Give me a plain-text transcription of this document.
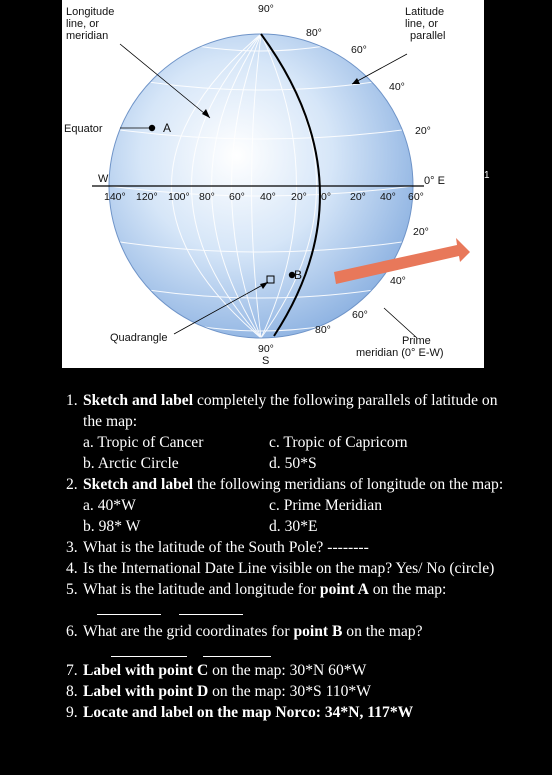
Longitude
line, or
meridian
Latitude
line, or
parallel
Equator
Quadrangle	Prime
meridian (0° E-W)
W	0° E
90°
90°
S
A
B
80°
60°
40°
20°
20°
40°
60°
80°
140° 120° 100° 80° 60° 40° 20° 0° 20° 40° 60°
1
1. Sketch and label completely the following parallels of latitude on the map:
a. Tropic of Cancer	c. Tropic of Capricorn
b. Arctic Circle	d. 50*S
2. Sketch and label the following meridians of longitude on the map:
a. 40*W	c. Prime Meridian
b. 98* W	d. 30*E
3. What is the latitude of the South Pole? --------
4. Is the International Date Line visible on the map? Yes/ No (circle)
5. What is the latitude and longitude for point A on the map:
6. What are the grid coordinates for point B on the map?

7. Label with point C on the map: 30*N 60*W
8. Label with point D on the map: 30*S 110*W
9. Locate and label on the map Norco: 34*N, 117*W
